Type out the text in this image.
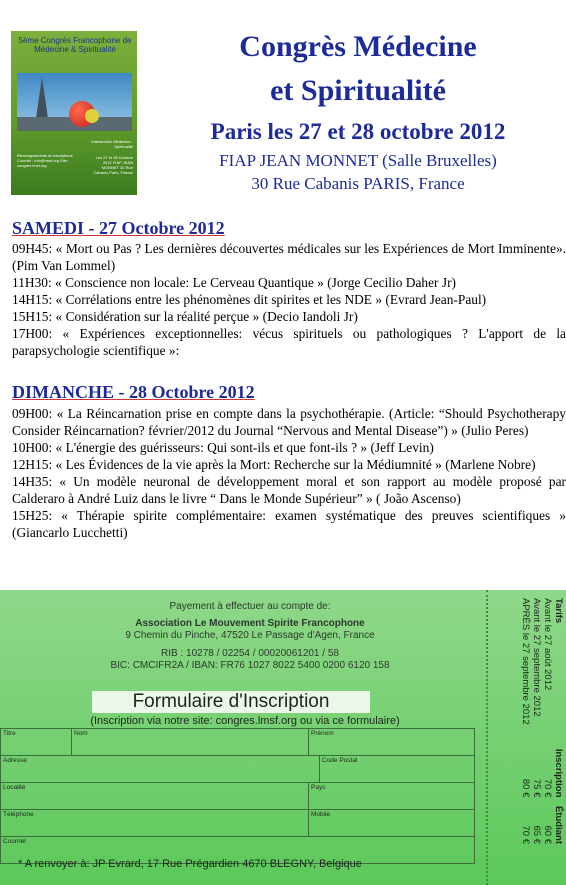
5ème Congrès Francophone de Médecine & Spiritualité
Intersection Médecine - Spiritualité
Les 27 et 28 Octobre 2012 FIAP JEAN MONNET 30 Rue Cabanis Paris, France
Renseignements et inscriptions Courriel : info@lmsf.org Site : congres.lmsf.org
Congrès Médecine
et Spiritualité
Paris les 27 et 28 octobre 2012
FIAP JEAN MONNET (Salle Bruxelles)
30 Rue Cabanis PARIS, France
SAMEDI - 27 Octobre 2012
09H45: « Mort ou Pas ? Les dernières découvertes médicales sur les Expériences de Mort Imminente». (Pim Van Lommel)
11H30: « Conscience non locale: Le Cerveau Quantique » (Jorge Cecilio Daher Jr)
14H15: « Corrélations entre les phénomènes dit spirites et les NDE » (Evrard Jean-Paul)
15H15: « Considération sur la réalité perçue » (Decio Iandoli Jr)
17H00: « Expériences exceptionnelles: vécus spirituels ou pathologiques ? L'apport de la parapsychologie scientifique »:
DIMANCHE - 28 Octobre 2012
09H00: « La Réincarnation prise en compte dans la psychothérapie. (Article: “Should Psychotherapy Consider Réincarnation? février/2012 du Journal “Nervous and Mental Disease”) » (Julio Peres)
10H00: « L'énergie des guérisseurs: Qui sont-ils et que font-ils ? » (Jeff Levin)
12H15: « Les Évidences de la vie après la Mort: Recherche sur la Médiumnité » (Marlene Nobre)
14H35: « Un modèle neuronal de développement moral et son rapport au modèle proposé par Calderaro à André Luiz dans le livre “ Dans le Monde Supérieur” » ( João Ascenso)
15H25: « Thérapie spirite complémentaire: examen systématique des preuves scientifiques » (Giancarlo Lucchetti)
Payement à effectuer au compte de:
Association Le Mouvement Spirite Francophone
9 Chemin du Pinche, 47520 Le Passage d'Agen, France
RIB : 10278 / 02254 / 00020061201 / 58
BIC: CMCIFR2A / IBAN: FR76 1027 8022 5400 0200 6120 158
Formulaire d'Inscription
(Inscription via notre site: congres.lmsf.org ou via ce formulaire)
Titre	Nom	Prénom	
Adresse			Code Postal
Localité		Pays	
Téléphone		Mobile	
Courriel			
* A renvoyer à: JP Evrard, 17 Rue Prégardien 4670 BLEGNY, Belgique
Tarifs	Inscription	Étudiant
Avant le 27 août 2012	70 €	60 €
Avant le 27 septembre 2012	75 €	65 €
APRÈS le 27 septembre 2012	80 €	70 €
